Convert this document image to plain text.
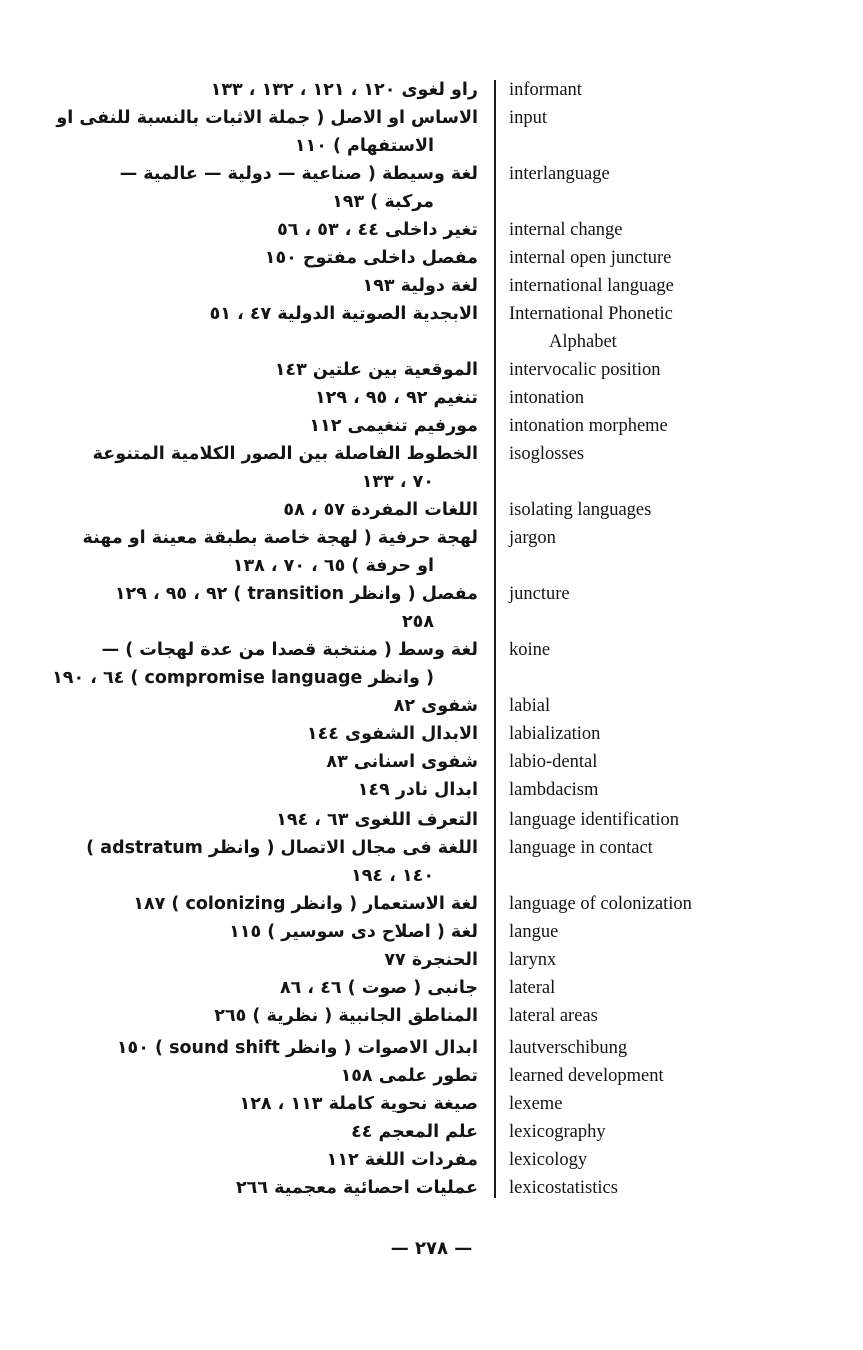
informant
راو لغوى ١٢٠ ، ١٢١ ، ١٣٢ ، ١٣٣
input
الاساس او الاصل ( جملة الاثبات بالنسبة للنفى او
الاستفهام ) ١١٠
interlanguage
لغة وسيطة ( صناعية — دولية — عالمية —
مركبة ) ١٩٣
internal change
تغير داخلى ٤٤ ، ٥٣ ، ٥٦
internal open juncture
مفصل داخلى مفتوح ١٥٠
international language
لغة دولية ١٩٣
International Phonetic
الابجدية الصوتية الدولية ٤٧ ، ٥١
Alphabet
intervocalic position
الموقعية بين علتين ١٤٣
intonation
تنغيم ٩٢ ، ٩٥ ، ١٢٩
intonation morpheme
مورفيم تنغيمى ١١٢
isoglosses
الخطوط الفاصلة بين الصور الكلامية المتنوعة
٧٠ ، ١٣٣
isolating languages
اللغات المفردة ٥٧ ، ٥٨
jargon
لهجة حرفية ( لهجة خاصة بطبقة معينة او مهنة
او حرفة ) ٦٥ ، ٧٠ ، ١٣٨
juncture
مفصل ( وانظر transition ) ٩٢ ، ٩٥ ، ١٢٩
٢٥٨
koine
لغة وسط ( منتخبة قصدا من عدة لهجات ) —
( وانظر compromise language ) ٦٤ ، ١٩٠
labial
شفوى ٨٢
labialization
الابدال الشفوى ١٤٤
labio-dental
شفوى اسنانى ٨٣
lambdacism
ابدال نادر ١٤٩
language identification
التعرف اللغوى ٦٣ ، ١٩٤
language in contact
اللغة فى مجال الاتصال ( وانظر adstratum )
١٤٠ ، ١٩٤
language of colonization
لغة الاستعمار ( وانظر colonizing ) ١٨٧
langue
لغة ( اصلاح دى سوسير ) ١١٥
larynx
الحنجرة ٧٧
lateral
جانبى ( صوت ) ٤٦ ، ٨٦
lateral areas
المناطق الجانبية ( نظرية ) ٢٦٥
lautverschibung
ابدال الاصوات ( وانظر sound shift ) ١٥٠
learned development
تطور علمى ١٥٨
lexeme
صيغة نحوية كاملة ١١٣ ، ١٢٨
lexicography
علم المعجم ٤٤
lexicology
مفردات اللغة ١١٢
lexicostatistics
عمليات احصائية معجمية ٢٦٦
— ٢٧٨ —
